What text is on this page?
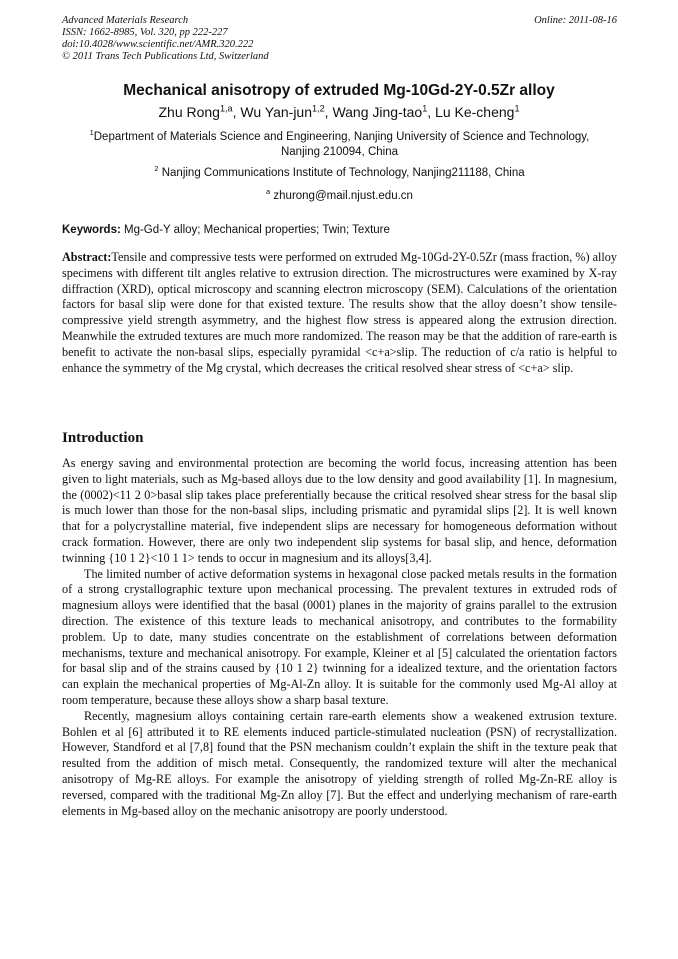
Advanced Materials Research
ISSN: 1662-8985, Vol. 320, pp 222-227
doi:10.4028/www.scientific.net/AMR.320.222
© 2011 Trans Tech Publications Ltd, Switzerland
Online: 2011-08-16
Mechanical anisotropy of extruded Mg-10Gd-2Y-0.5Zr alloy
Zhu Rong$^{1,a}$, Wu Yan-jun$^{1,2}$, Wang Jing-tao$^1$, Lu Ke-cheng$^1$
$^1$Department of Materials Science and Engineering, Nanjing University of Science and Technology,
Nanjing 210094, China
$^2$ Nanjing Communications Institute of Technology, Nanjing211188, China
$^a$ zhurong@mail.njust.edu.cn
Keywords: Mg-Gd-Y alloy; Mechanical properties; Twin; Texture
Abstract:Tensile and compressive tests were performed on extruded Mg-10Gd-2Y-0.5Zr (mass fraction, %) alloy specimens with different tilt angles relative to extrusion direction. The microstructures were examined by X-ray diffraction (XRD), optical microscopy and scanning electron microscopy (SEM). Calculations of the orientation factors for basal slip were done for that existed texture. The results show that the alloy doesn’t show tensile-compressive yield strength asymmetry, and the highest flow stress is appeared along the extrusion direction. Meanwhile the extruded textures are much more randomized. The reason may be that the addition of rare-earth is benefit to activate the non-basal slips, especially pyramidal <c+a>slip. The reduction of c/a ratio is helpful to enhance the symmetry of the Mg crystal, which decreases the critical resolved shear stress of <c+a> slip.
Introduction

As energy saving and environmental protection are becoming the world focus, increasing attention has been given to light materials, such as Mg-based alloys due to the low density and good availability [1]. In magnesium, the (0002)<11 2 0>basal slip takes place preferentially because the critical resolved shear stress for the basal slip is much lower than those for the non-basal slips, including prismatic and pyramidal slips [2]. It is well known that for a polycrystalline material, five independent slips are necessary for homogeneous deformation without crack formation. However, there are only two independent slip systems for basal slip, and hence, deformation twinning {10 1 2}<10 1 1> tends to occur in magnesium and its alloys[3,4].

The limited number of active deformation systems in hexagonal close packed metals results in the formation of a strong crystallographic texture upon mechanical processing. The prevalent textures in extruded rods of magnesium alloys were identified that the basal (0001) planes in the majority of grains parallel to the extrusion direction. The existence of this texture leads to mechanical anisotropy, and contributes to the formability problem. Up to date, many studies concentrate on the establishment of correlations between deformation mechanisms, texture and mechanical anisotropy. For example, Kleiner et al [5] calculated the orientation factors for basal slip and of the strains caused by {10 1 2} twinning for a idealized texture, and the orientation factors can explain the mechanical properties of Mg-Al-Zn alloy. It is suitable for the commonly used Mg-Al alloy at room temperature, because these alloys show a sharp basal texture.

Recently, magnesium alloys containing certain rare-earth elements show a weakened extrusion texture. Bohlen et al [6] attributed it to RE elements induced particle-stimulated nucleation (PSN) of recrystallization. However, Standford et al [7,8] found that the PSN mechanism couldn’t explain the shift in the texture peak that resulted from the addition of misch metal. Consequently, the randomized texture will alter the mechanical anisotropy of Mg-RE alloys. For example the anisotropy of yielding strength of rolled Mg-Zn-RE alloy is reversed, compared with the traditional Mg-Zn alloy [7]. But the effect and underlying mechanism of rare-earth elements in Mg-based alloy on the mechanic anisotropy are poorly understood.
